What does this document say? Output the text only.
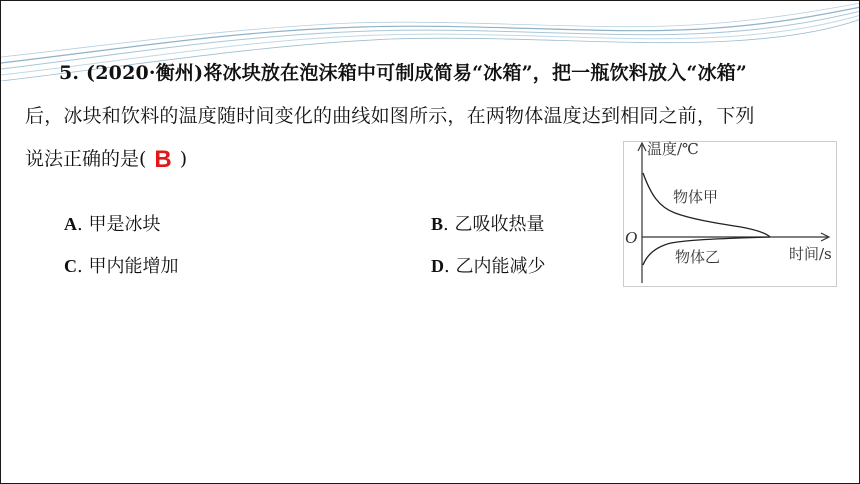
5. (2020·衡州)将冰块放在泡沫箱中可制成简易“冰箱”，把一瓶饮料放入“冰箱”
后，冰块和饮料的温度随时间变化的曲线如图所示，在两物体温度达到相同之前，下列
说法正确的是( B )
A. 甲是冰块	B. 乙吸收热量
C. 甲内能增加	D. 乙内能减少
温度/℃
时间/s
O
物体甲
物体乙
